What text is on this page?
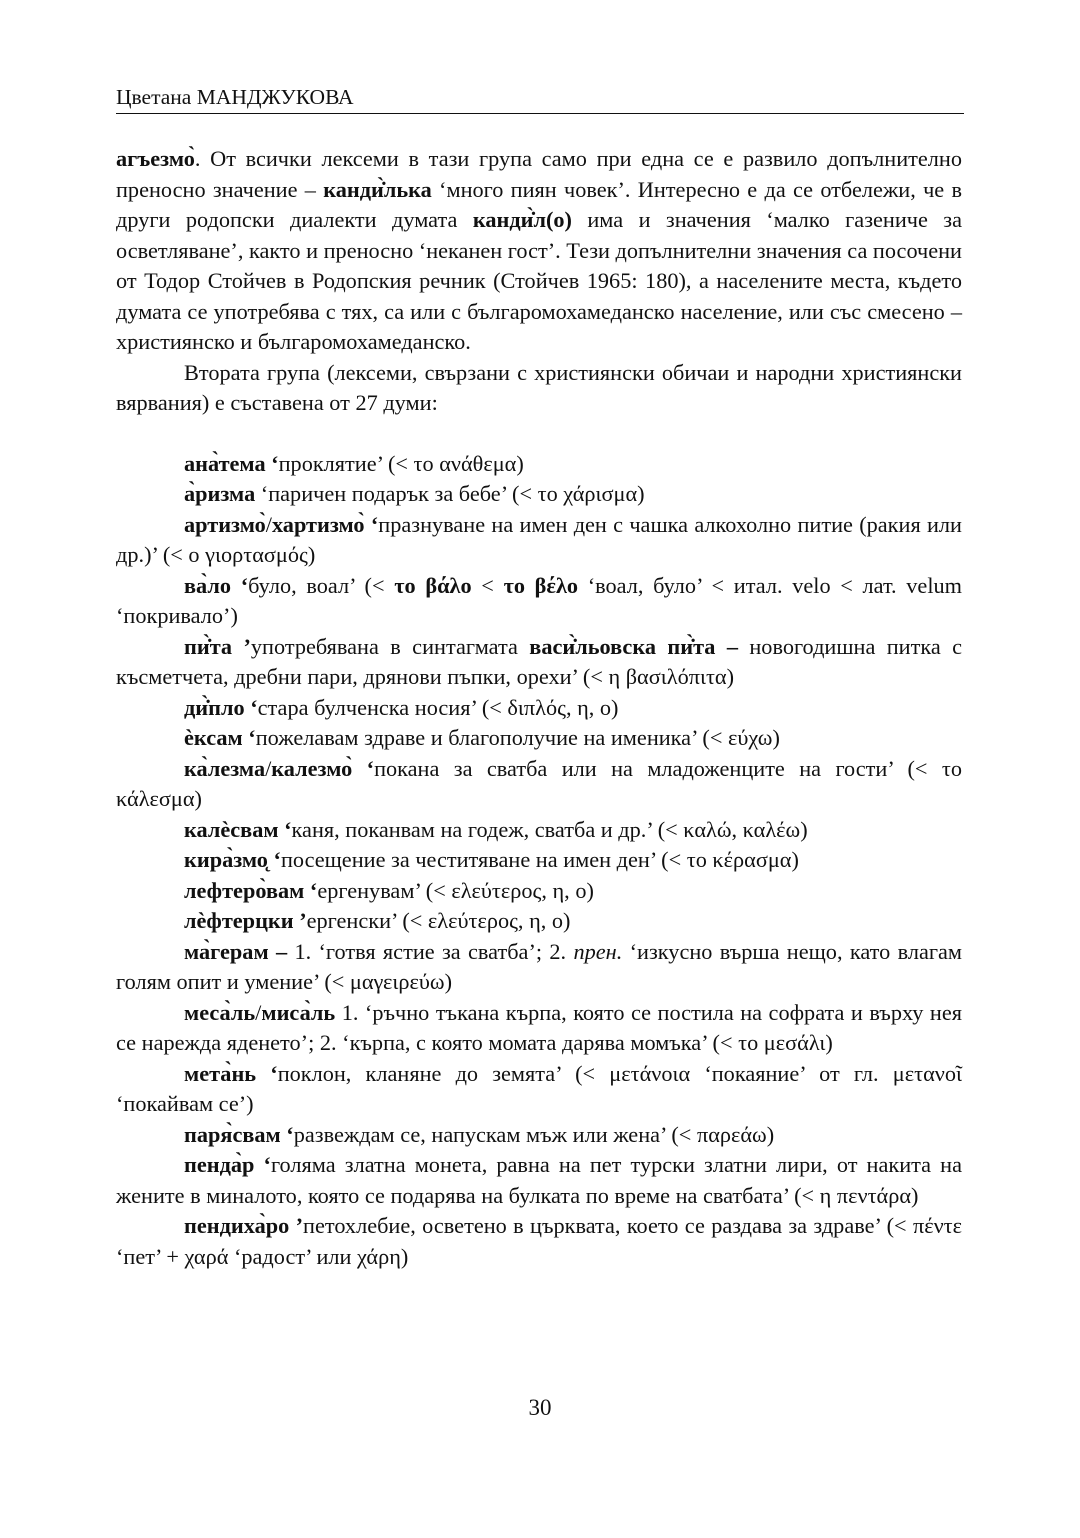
Цветана МАНДЖУКОВА

агъезмо̀. От всички лексеми в тази група само при една се е развило допълнително преносно значение – канди̇̀лька ‘много пиян човек’. Интересно е да се отбележи, че в други родопски диалекти думата канди̇̀л(о) има и значения ‘малко газениче за осветляване’, както и преносно ‘неканен гост’. Тези допълнителни значения са посочени от Тодор Стойчев в Родопския речник (Стойчев 1965: 180), а населените места, където думата се употребява с тях, са или с българомохамеданско население, или със смесено – християнско и българомохамеданско.

Втората група (лексеми, свързани с християнски обичаи и народни християнски вярвания) е съставена от 27 думи:

ана̀тема ‘проклятие’ (< το ανάθεμα)

а̀ризма ‘паричен подарък за бебе’ (< το χάρισμα)

артизмо̀/хартизмо̀ ‘празнуване на имен ден с чашка алкохолно питие (ракия или др.)’ (< ο γιορτασμός)

ва̀ло ‘було, воал’ (< το βάλο < το βέλο ‘воал, було’ < итал. velo < лат. velum ‘покривало’)

пи̇̀та ’употребявана в синтагмата васи̇̀льовска пи̇̀та – новогодишна питка с късметчета, дребни пари, дрянови пъпки, орехи’ (< η βασιλόπιτα)

ди̇̀пло ‘стара булченска носия’ (< διπλός, η, ο)

ѐксам ‘пожелавам здраве и благополучие на именика’ (< εύχω)

ка̀лезма/калезмо̀ ‘покана за сватба или на младоженците на гости’ (< το κάλεσμα)

калѐсвам ‘каня, поканвам на годеж, сватба и др.’ (< καλώ, καλέω)

кира̀змо̨ ‘посещение за честитяване на имен ден’ (< το κέρασμα)

лефтеро̀вам ‘ергенувам’ (< ελεύτερος, η, ο)

лѐфтерцки ’ергенски’ (< ελεύτερος, η, ο)

ма̀герам – 1. ‘готвя ястие за сватба’; 2. прен. ‘изкусно върша нещо, като влагам голям опит и умение’ (< μαγειρεύω)

меса̀ль/миса̀ль 1. ‘ръчно тъкана кърпа, която се постила на софрата и върху нея се нарежда яденето’; 2. ‘кърпа, с която момата дарява момъка’ (< το μεσάλι)

мета̀нь ‘поклон, кланяне до земята’ (< μετάνοια ‘покаяние’ от гл. μετανοῖ ‘покайвам се’)

паря̀свам ‘развеждам се, напускам мъж или жена’ (< παρεάω)

пенда̀р ‘голяма златна монета, равна на пет турски златни лири, от накита на жените в миналото, която се подарява на булката по време на сватбата’ (< η πεντάρα)

пендиха̀ро ’петохлебие, осветено в църквата, което се раздава за здраве’ (< πέντε ‘пет’ + χαρά ‘радост’ или χάρη)

30
